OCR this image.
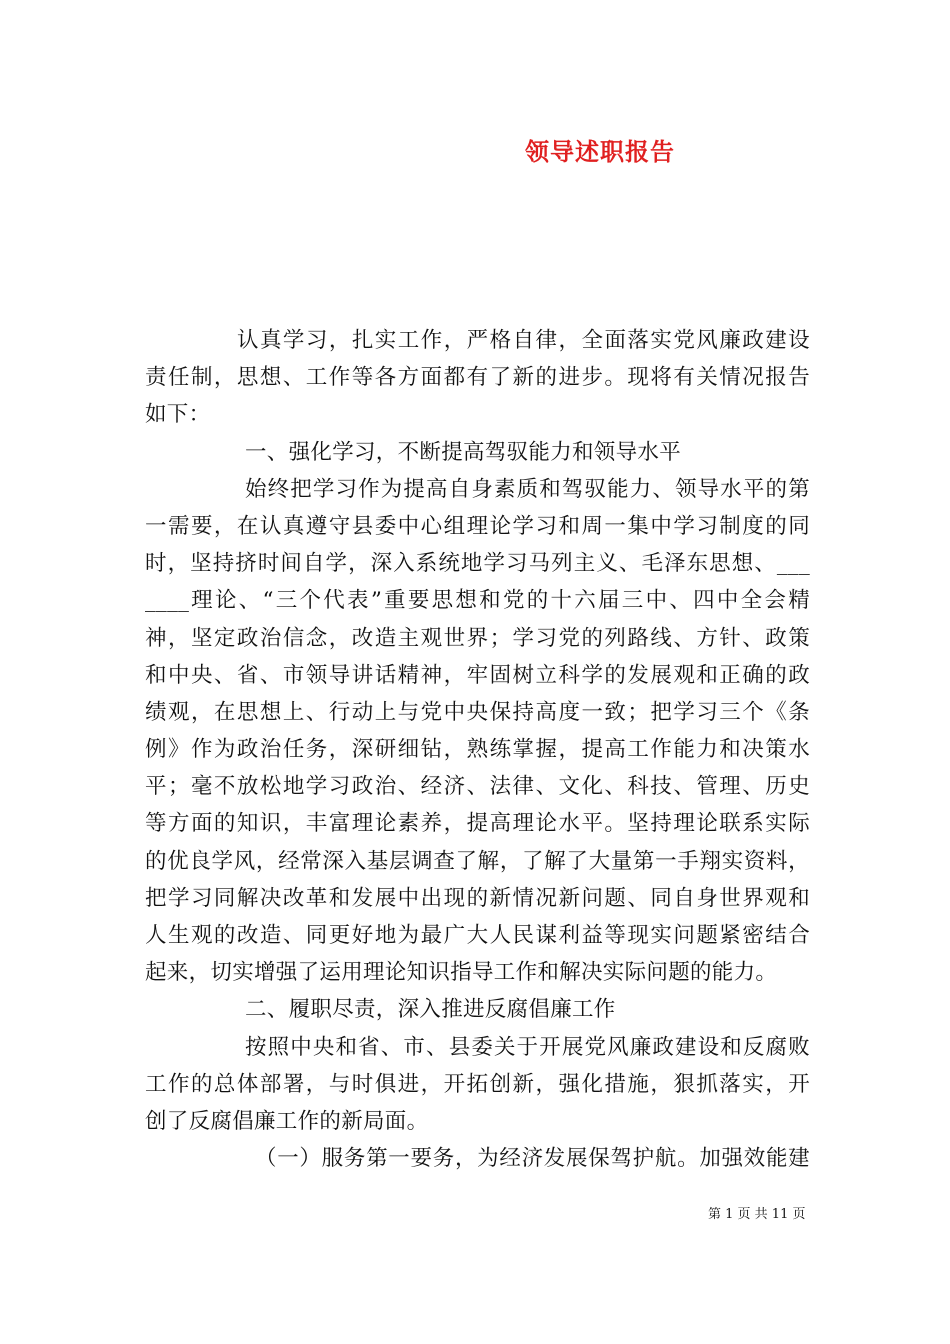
领导述职报告
认真学习，扎实工作，严格自律，全面落实党风廉政建设
责任制，思想、工作等各方面都有了新的进步。现将有关情况报告
如下：
一、强化学习，不断提高驾驭能力和领导水平
始终把学习作为提高自身素质和驾驭能力、领导水平的第
一需要，在认真遵守县委中心组理论学习和周一集中学习制度的同
时，坚持挤时间自学，深入系统地学习马列主义、毛泽东思想、___
____理论、“三个代表”重要思想和党的十六届三中、四中全会精
神，坚定政治信念，改造主观世界；学习党的列路线、方针、政策
和中央、省、市领导讲话精神，牢固树立科学的发展观和正确的政
绩观，在思想上、行动上与党中央保持高度一致；把学习三个《条
例》作为政治任务，深研细钻，熟练掌握，提高工作能力和决策水
平；毫不放松地学习政治、经济、法律、文化、科技、管理、历史
等方面的知识，丰富理论素养，提高理论水平。坚持理论联系实际
的优良学风，经常深入基层调查了解，了解了大量第一手翔实资料，
把学习同解决改革和发展中出现的新情况新问题、同自身世界观和
人生观的改造、同更好地为最广大人民谋利益等现实问题紧密结合
起来，切实增强了运用理论知识指导工作和解决实际问题的能力。
二、履职尽责，深入推进反腐倡廉工作
按照中央和省、市、县委关于开展党风廉政建设和反腐败
工作的总体部署，与时俱进，开拓创新，强化措施，狠抓落实，开
创了反腐倡廉工作的新局面。
（一）服务第一要务，为经济发展保驾护航。加强效能建
第 1 页 共 11 页
